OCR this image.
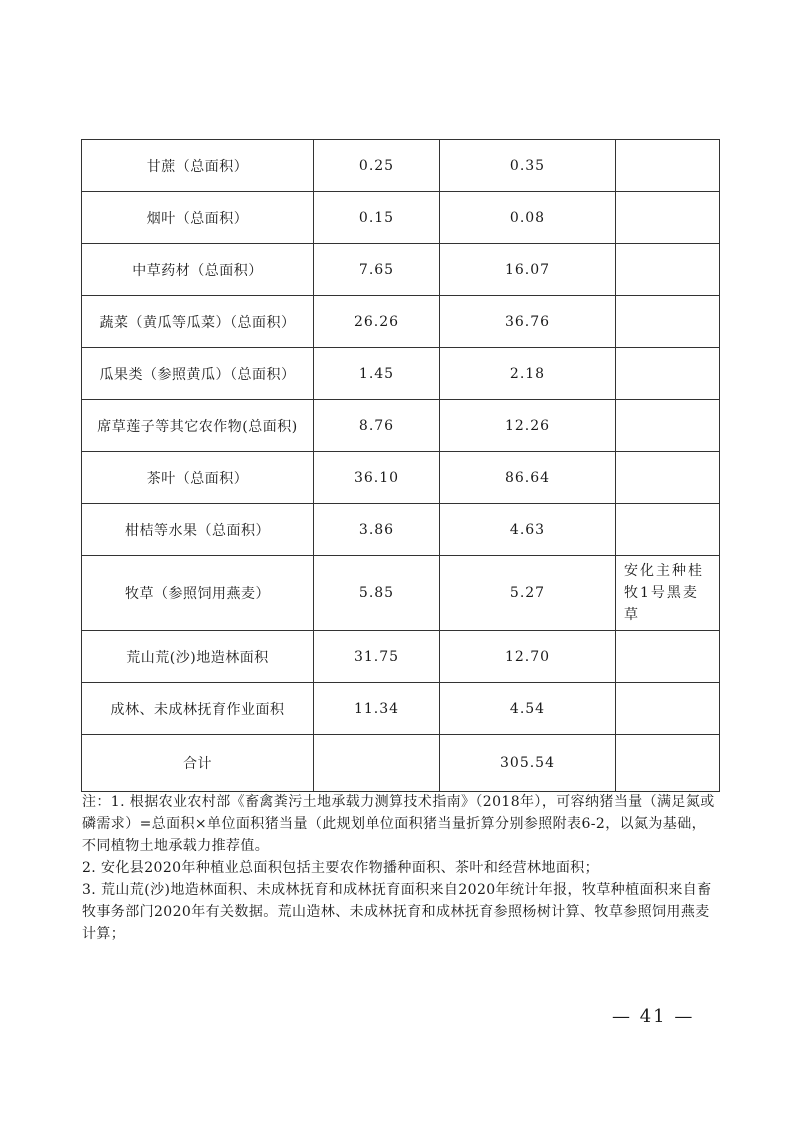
甘蔗（总面积）	0.25	0.35	
烟叶（总面积）	0.15	0.08	
中草药材（总面积）	7.65	16.07	
蔬菜（黄瓜等瓜菜）（总面积）	26.26	36.76	
瓜果类（参照黄瓜）（总面积）	1.45	2.18	
席草莲子等其它农作物(总面积)	8.76	12.26	
茶叶（总面积）	36.10	86.64	
柑桔等水果（总面积）	3.86	4.63	
牧草（参照饲用燕麦）	5.85	5.27	安化主种桂牧1号黑麦草
荒山荒(沙)地造林面积	31.75	12.70	
成林、未成林抚育作业面积	11.34	4.54	
合计		305.54	

注：1. 根据农业农村部《畜禽粪污土地承载力测算技术指南》（2018年），可容纳猪当量（满足氮或磷需求）=总面积×单位面积猪当量（此规划单位面积猪当量折算分别参照附表6-2，以氮为基础，不同植物土地承载力推荐值。

2. 安化县2020年种植业总面积包括主要农作物播种面积、茶叶和经营林地面积；

3. 荒山荒(沙)地造林面积、未成林抚育和成林抚育面积来自2020年统计年报，牧草种植面积来自畜牧事务部门2020年有关数据。荒山造林、未成林抚育和成林抚育参照杨树计算、牧草参照饲用燕麦计算；

— 41 —
